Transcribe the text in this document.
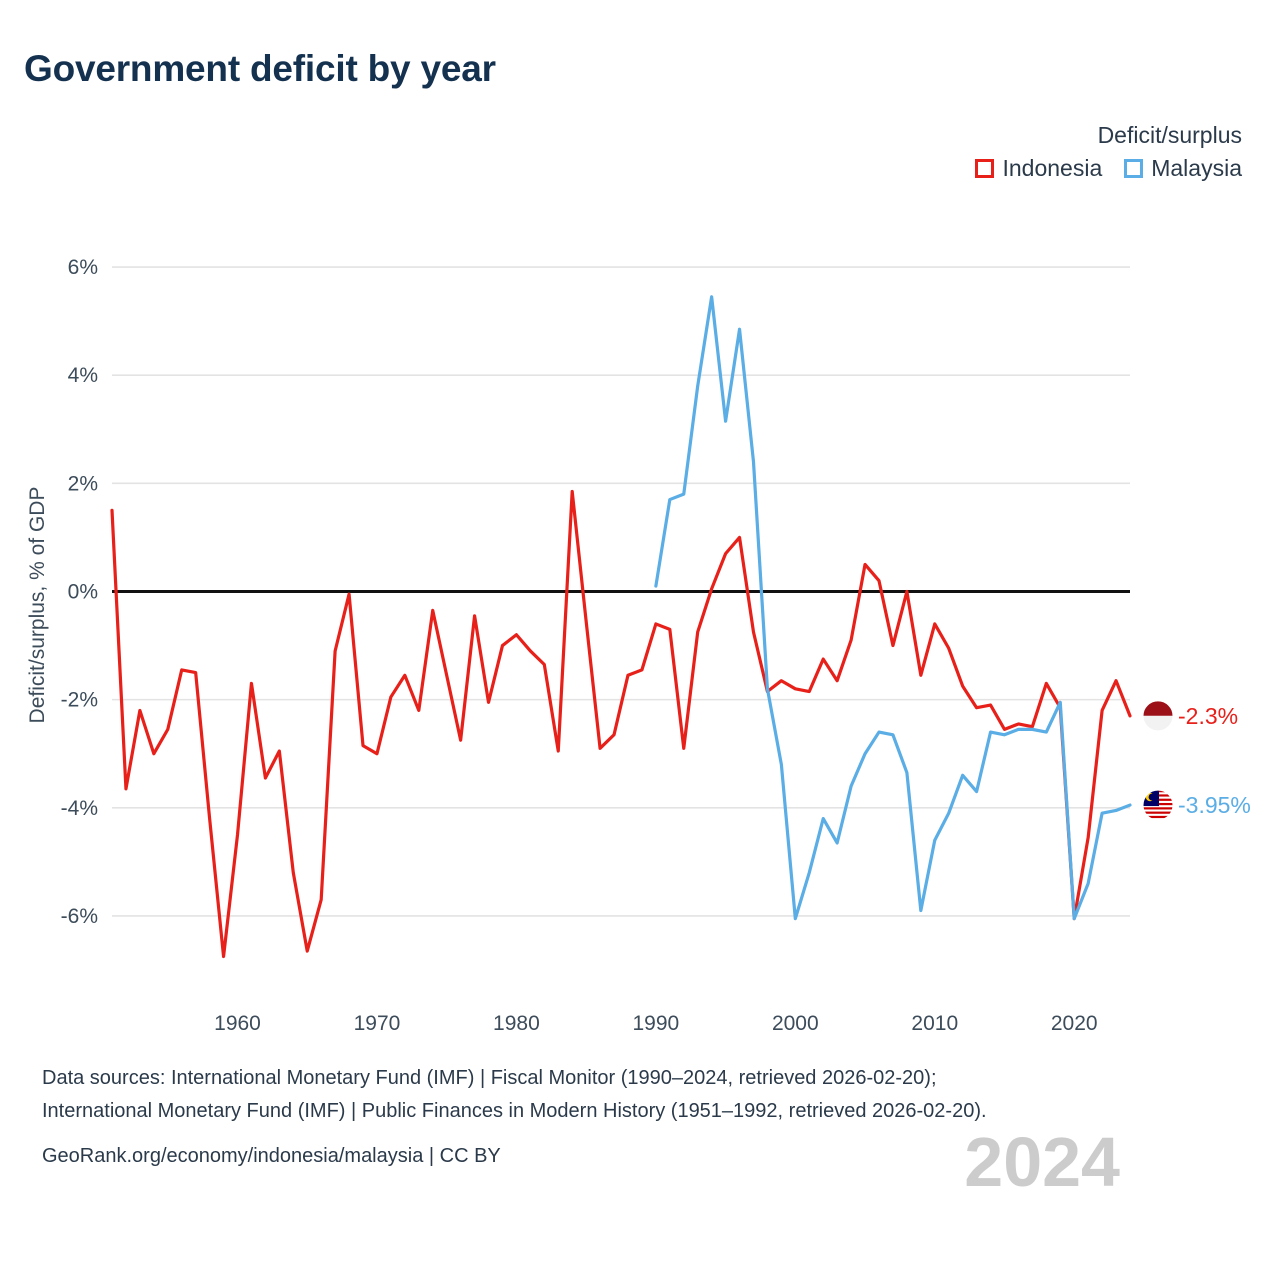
Government deficit by year
Deficit/surplus
Indonesia Malaysia
-6%
-4%
-2%
0%
2%
4%
6%
1960	1970	1980	1990	2000	2010	2020
Deficit/surplus, % of GDP	-2.3%
-3.95%
2024
Data sources: International Monetary Fund (IMF) | Fiscal Monitor (1990–2024, retrieved 2026-02-20);
International Monetary Fund (IMF) | Public Finances in Modern History (1951–1992, retrieved 2026-02-20).
GeoRank.org/economy/indonesia/malaysia | CC BY
